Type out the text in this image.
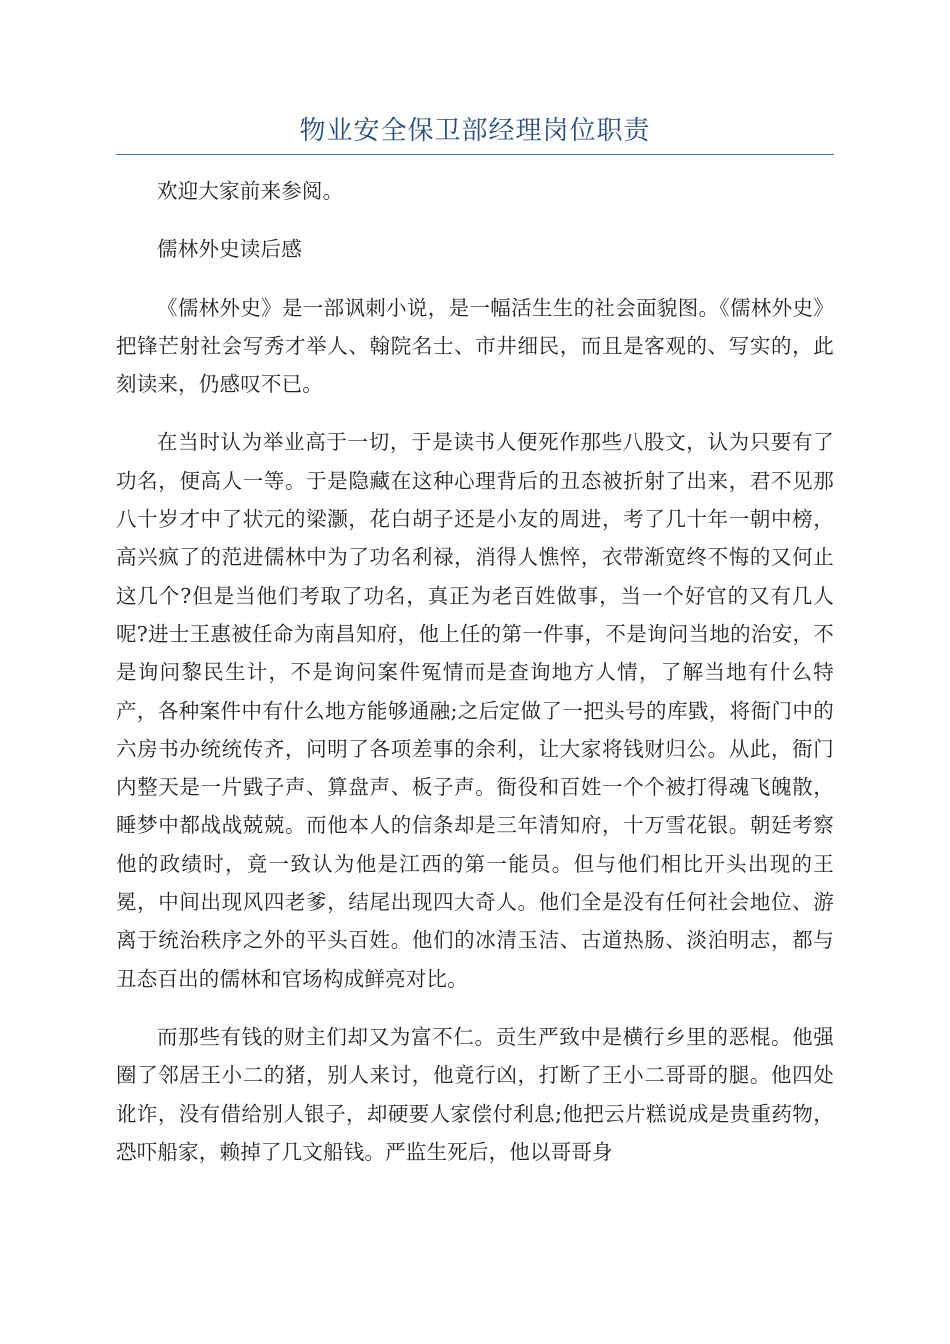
物业安全保卫部经理岗位职责

欢迎大家前来参阅。

儒林外史读后感

《儒林外史》是一部讽刺小说，是一幅活生生的社会面貌图。《儒林外史》把锋芒射社会写秀才举人、翰院名士、市井细民，而且是客观的、写实的，此刻读来，仍感叹不已。

在当时认为举业高于一切，于是读书人便死作那些八股文，认为只要有了功名，便高人一等。于是隐藏在这种心理背后的丑态被折射了出来，君不见那八十岁才中了状元的梁灏，花白胡子还是小友的周进，考了几十年一朝中榜，高兴疯了的范进儒林中为了功名利禄，消得人憔悴，衣带渐宽终不悔的又何止这几个?但是当他们考取了功名，真正为老百姓做事，当一个好官的又有几人呢?进士王惠被任命为南昌知府，他上任的第一件事，不是询问当地的治安，不是询问黎民生计，不是询问案件冤情而是查询地方人情，了解当地有什么特产，各种案件中有什么地方能够通融;之后定做了一把头号的库戥，将衙门中的六房书办统统传齐，问明了各项差事的余利，让大家将钱财归公。从此，衙门内整天是一片戥子声、算盘声、板子声。衙役和百姓一个个被打得魂飞魄散，睡梦中都战战兢兢。而他本人的信条却是三年清知府，十万雪花银。朝廷考察他的政绩时，竟一致认为他是江西的第一能员。但与他们相比开头出现的王冕，中间出现风四老爹，结尾出现四大奇人。他们全是没有任何社会地位、游离于统治秩序之外的平头百姓。他们的冰清玉洁、古道热肠、淡泊明志，都与丑态百出的儒林和官场构成鲜亮对比。

而那些有钱的财主们却又为富不仁。贡生严致中是横行乡里的恶棍。他强圈了邻居王小二的猪，别人来讨，他竟行凶，打断了王小二哥哥的腿。他四处讹诈，没有借给别人银子，却硬要人家偿付利息;他把云片糕说成是贵重药物，恐吓船家，赖掉了几文船钱。严监生死后，他以哥哥身
